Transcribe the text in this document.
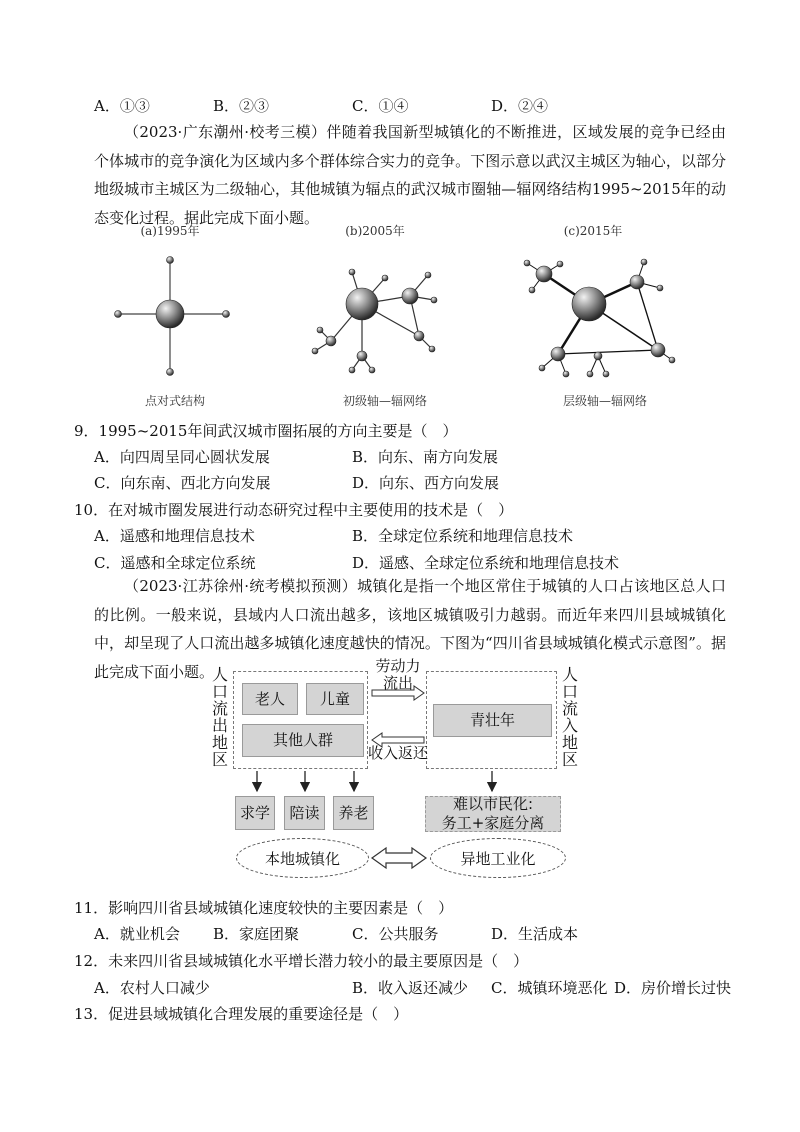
A．①③	B．②③	C．①④	D．②④
（2023·广东潮州·校考三模）伴随着我国新型城镇化的不断推进，区域发展的竞争已经由个体城市的竞争演化为区域内多个群体综合实力的竞争。下图示意以武汉主城区为轴心，以部分地级城市主城区为二级轴心，其他城镇为辐点的武汉城市圈轴—辐网络结构1995~2015年的动态变化过程。据此完成下面小题。
(a)1995年	(b)2005年	(c)2015年
点对式结构	初级轴—辐网络	层级轴—辐网络
9．1995~2015年间武汉城市圈拓展的方向主要是（　）
A．向四周呈同心圆状发展	B．向东、南方向发展
C．向东南、西北方向发展	D．向东、西方向发展
10．在对城市圈发展进行动态研究过程中主要使用的技术是（　）
A．遥感和地理信息技术	B．全球定位系统和地理信息技术
C．遥感和全球定位系统	D．遥感、全球定位系统和地理信息技术
（2023·江苏徐州·统考模拟预测）城镇化是指一个地区常住于城镇的人口占该地区总人口的比例。一般来说，县域内人口流出越多，该地区城镇吸引力越弱。而近年来四川县域城镇化中，却呈现了人口流出越多城镇化速度越快的情况。下图为“四川省县域城镇化模式示意图”。据此完成下面小题。
人口流出地区
人口流入地区
老人	儿童
其他人群
青壮年
劳动力
流出
收入返还
求学	陪读	养老	难以市民化:
务工+家庭分离
本地城镇化	异地工业化
11．影响四川省县域城镇化速度较快的主要因素是（　）
A．就业机会 B．家庭团聚	C．公共服务	D．生活成本
12．未来四川省县域城镇化水平增长潜力较小的最主要原因是（　）
A．农村人口减少	B．收入返还减少 C．城镇环境恶化 D．房价增长过快
13．促进县域城镇化合理发展的重要途径是（　）
